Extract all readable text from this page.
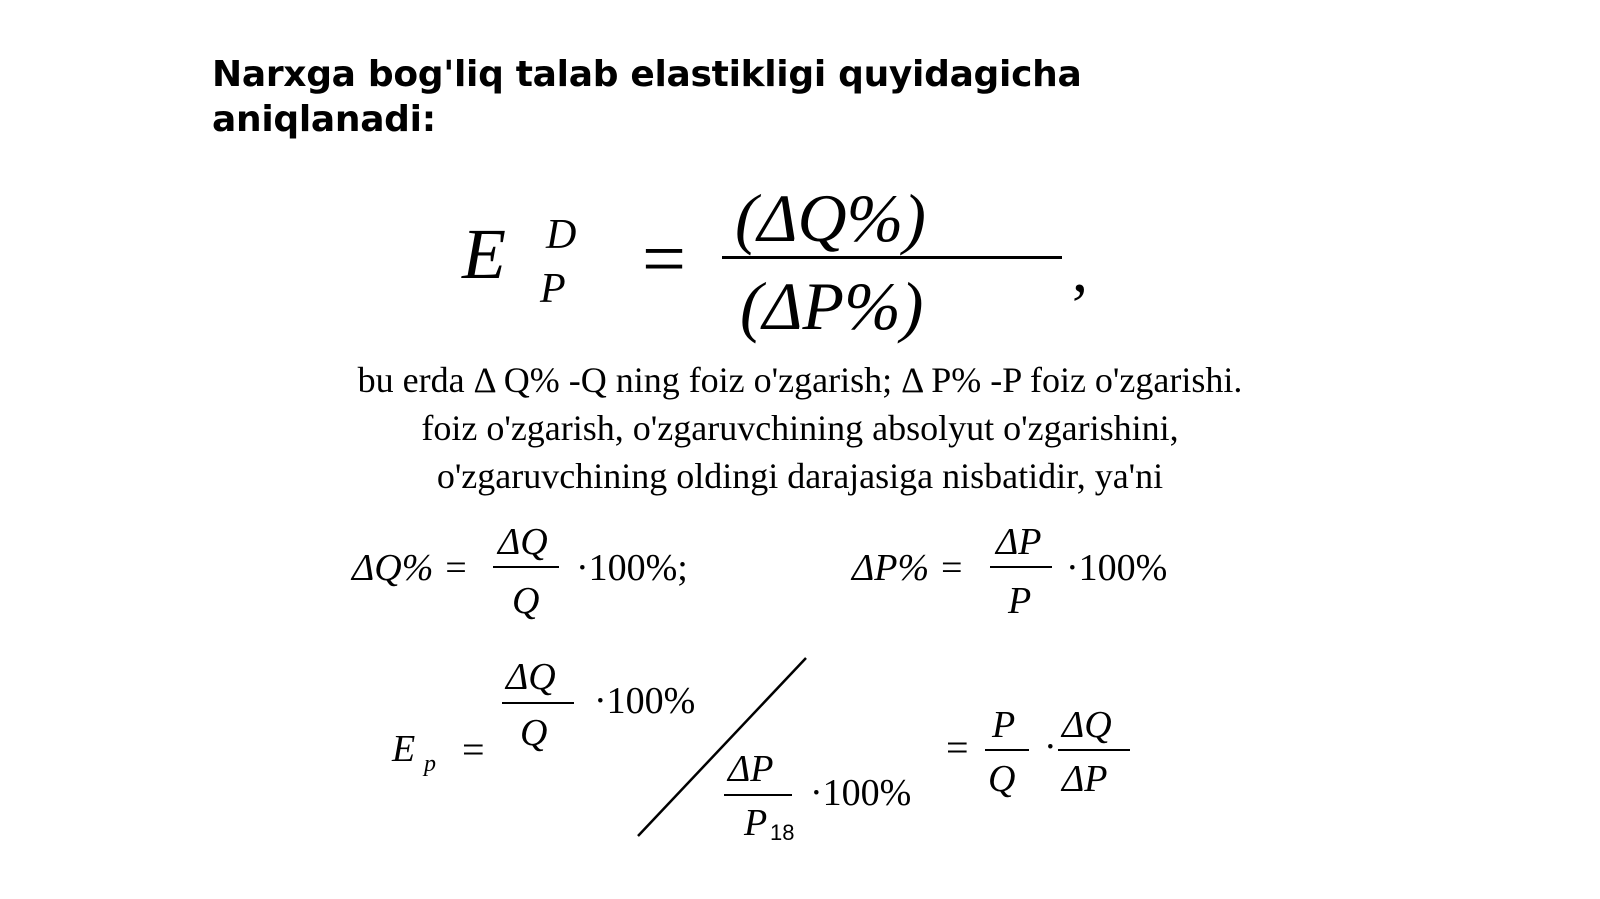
Narxga bog'liq talab elastikligi quyidagicha
aniqlanadi:
E D
P = (ΔQ%)
(ΔP%) ,
bu erda Δ Q% -Q ning foiz o'zgarish; Δ P% -P foiz o'zgarishi.
foiz o'zgarish, o'zgaruvchining absolyut o'zgarishini,
o'zgaruvchining oldingi darajasiga nisbatidir, ya'ni
ΔQ% =
ΔQ
Q
·100%;	ΔP% =
ΔP
P
·100%
E p =
ΔQ
Q
·100%
ΔP
P
·100%
= P
Q
·
ΔQ
ΔP
18
